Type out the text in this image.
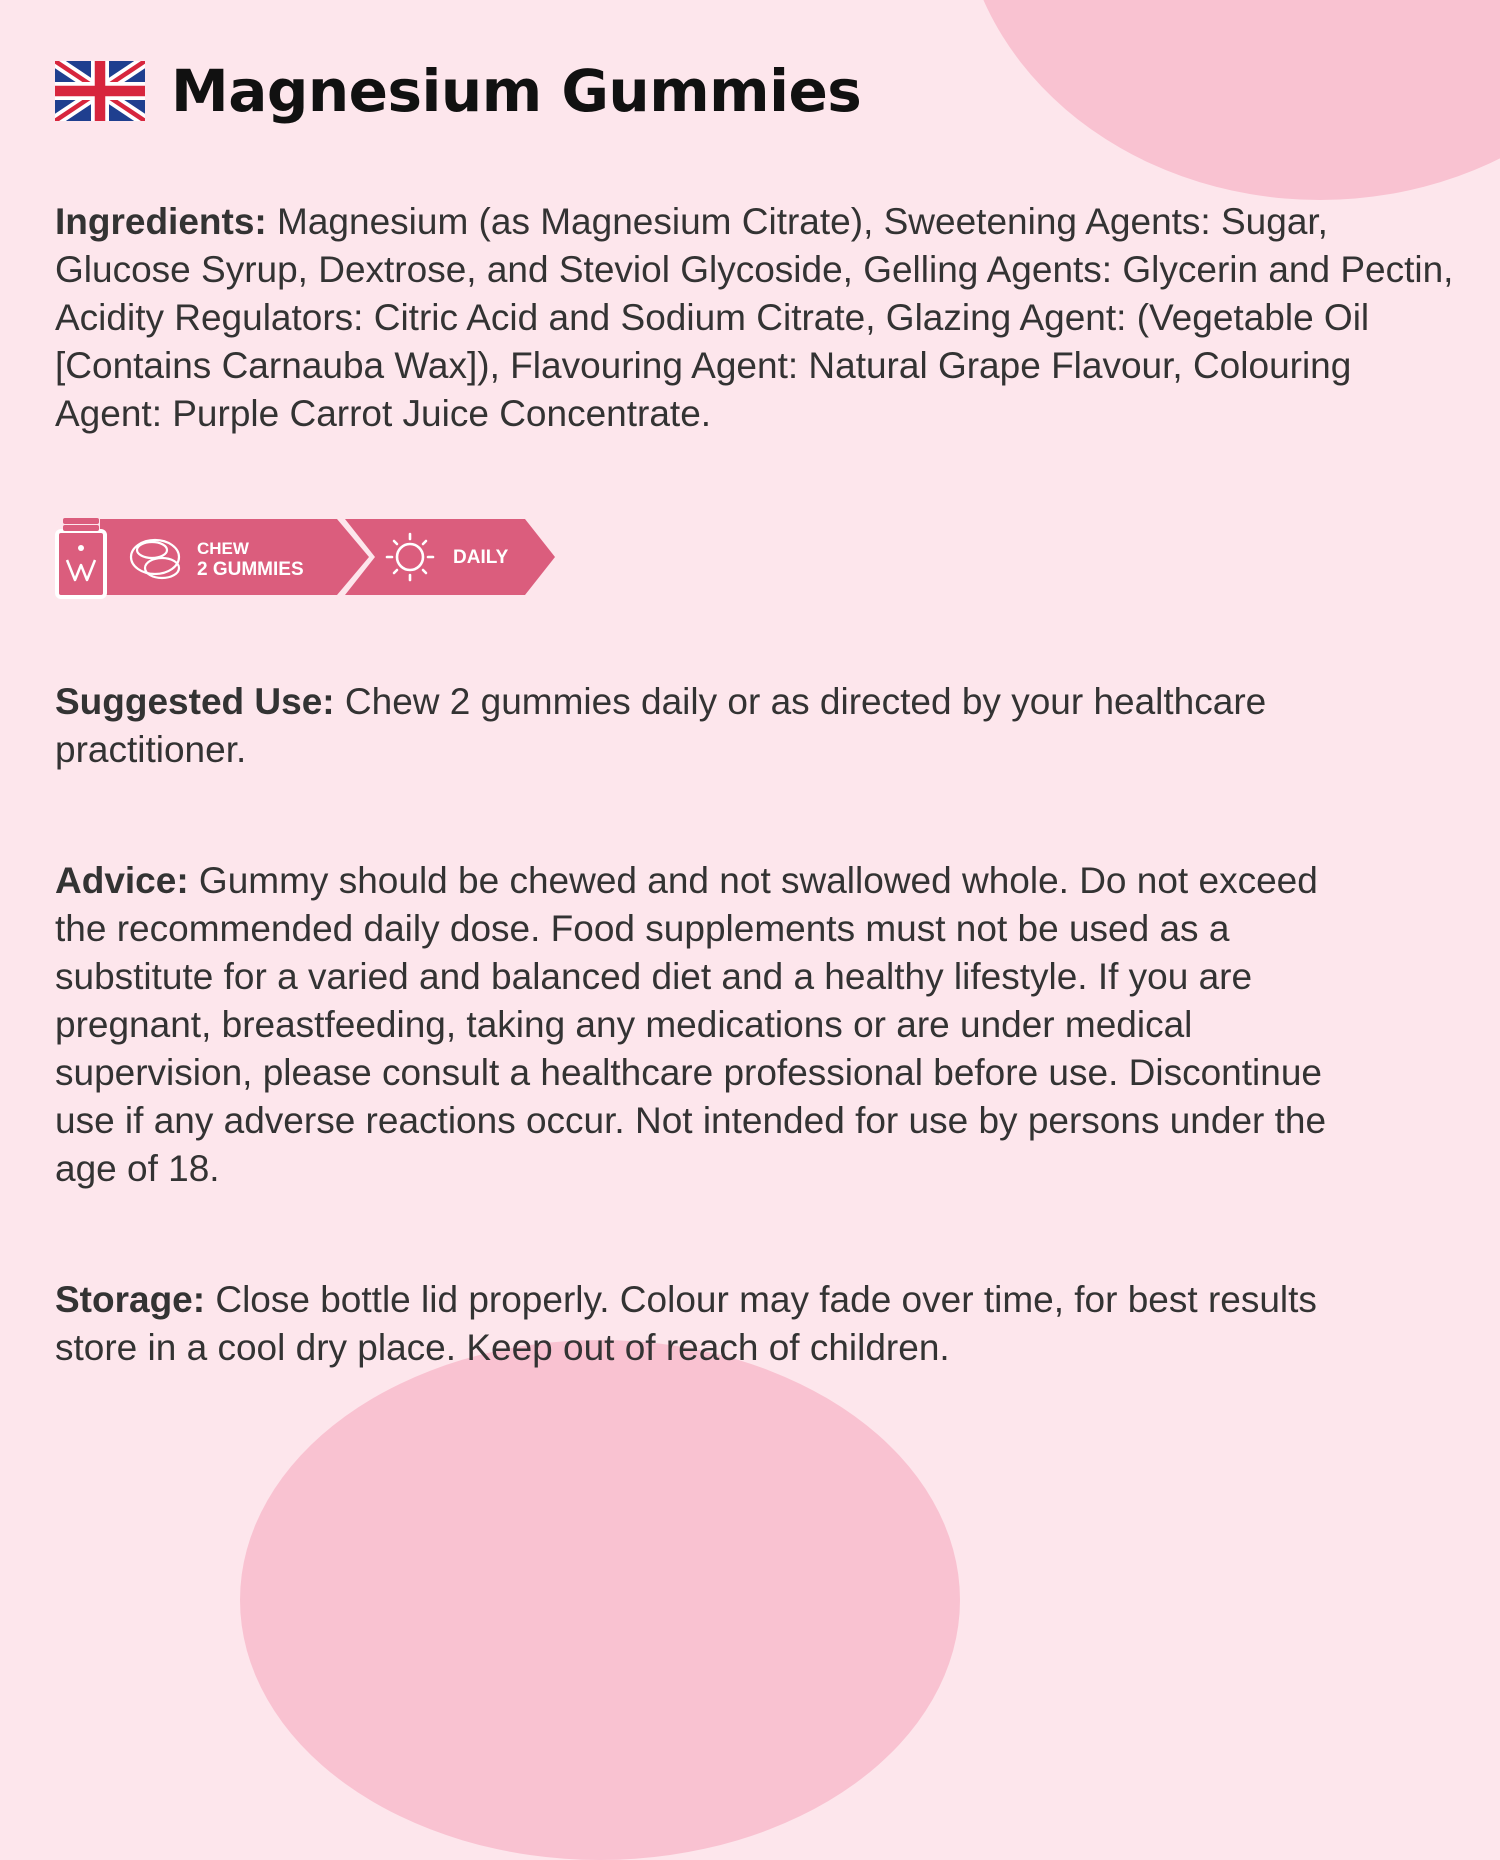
Magnesium Gummies

Ingredients: Magnesium (as Magnesium Citrate), Sweetening Agents: Sugar, Glucose Syrup, Dextrose, and Steviol Glycoside, Gelling Agents: Glycerin and Pectin, Acidity Regulators: Citric Acid and Sodium Citrate, Glazing Agent: (Vegetable Oil [Contains Carnauba Wax]), Flavouring Agent: Natural Grape Flavour, Colouring Agent: Purple Carrot Juice Concentrate.

CHEW
2 GUMMIES
DAILY

Suggested Use: Chew 2 gummies daily or as directed by your healthcare practitioner.

Advice: Gummy should be chewed and not swallowed whole. Do not exceed the recommended daily dose. Food supplements must not be used as a substitute for a varied and balanced diet and a healthy lifestyle. If you are pregnant, breastfeeding, taking any medications or are under medical supervision, please consult a healthcare professional before use. Discontinue use if any adverse reactions occur. Not intended for use by persons under the age of 18.

Storage: Close bottle lid properly. Colour may fade over time, for best results store in a cool dry place. Keep out of reach of children.
